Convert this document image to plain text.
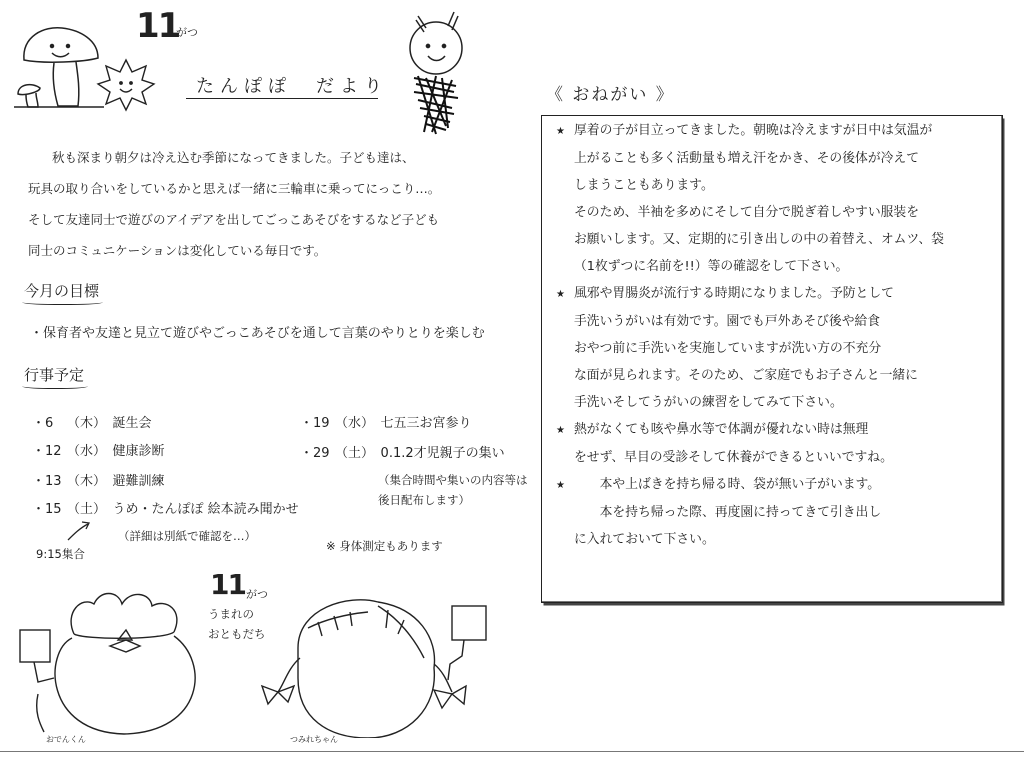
11
がつ
たんぽぽ　だより

秋も深まり朝夕は冷え込む季節になってきました。子ども達は、

玩具の取り合いをしているかと思えば一緒に三輪車に乗ってにっこり…。

そして友達同士で遊びのアイデアを出してごっこあそびをするなど子ども

同士のコミュニケーションは変化している毎日です。

今月の目標
・保育者や友達と見立て遊びやごっこあそびを通して言葉のやりとりを楽しむ
行事予定
・6 （木）　 誕生会
・12 （水）　 健康診断
・13 （木）　 避難訓練
・15 （土）　 うめ・たんぽぽ 絵本読み聞かせ
・19 （水）　 七五三お宮参り
・29 （土）　 0.1.2才児親子の集い
9:15集合
（詳細は別紙で確認を…）
（集合時間や集いの内容等は後日配布します）
※ 身体測定もあります
11 がつ
うまれの
おともだち
おでんくん	つみれちゃん
《 おねがい 》

★ 厚着の子が目立ってきました。朝晩は冷えますが日中は気温が

上がることも多く活動量も増え汗をかき、その後体が冷えて

しまうこともあります。

そのため、半袖を多めにそして自分で脱ぎ着しやすい服装を

お願いします。又、定期的に引き出しの中の着替え、オムツ、袋

（1枚ずつに名前を!!）等の確認をして下さい。

★ 風邪や胃腸炎が流行する時期になりました。予防として

手洗いうがいは有効です。園でも戸外あそび後や給食

おやつ前に手洗いを実施していますが洗い方の不充分

な面が見られます。そのため、ご家庭でもお子さんと一緒に

手洗いそしてうがいの練習をしてみて下さい。

★ 熱がなくても咳や鼻水等で体調が優れない時は無理

をせず、早目の受診そして休養ができるといいですね。

★　　本や上ばきを持ち帰る時、袋が無い子がいます。

　　本を持ち帰った際、再度園に持ってきて引き出し

に入れておいて下さい。
